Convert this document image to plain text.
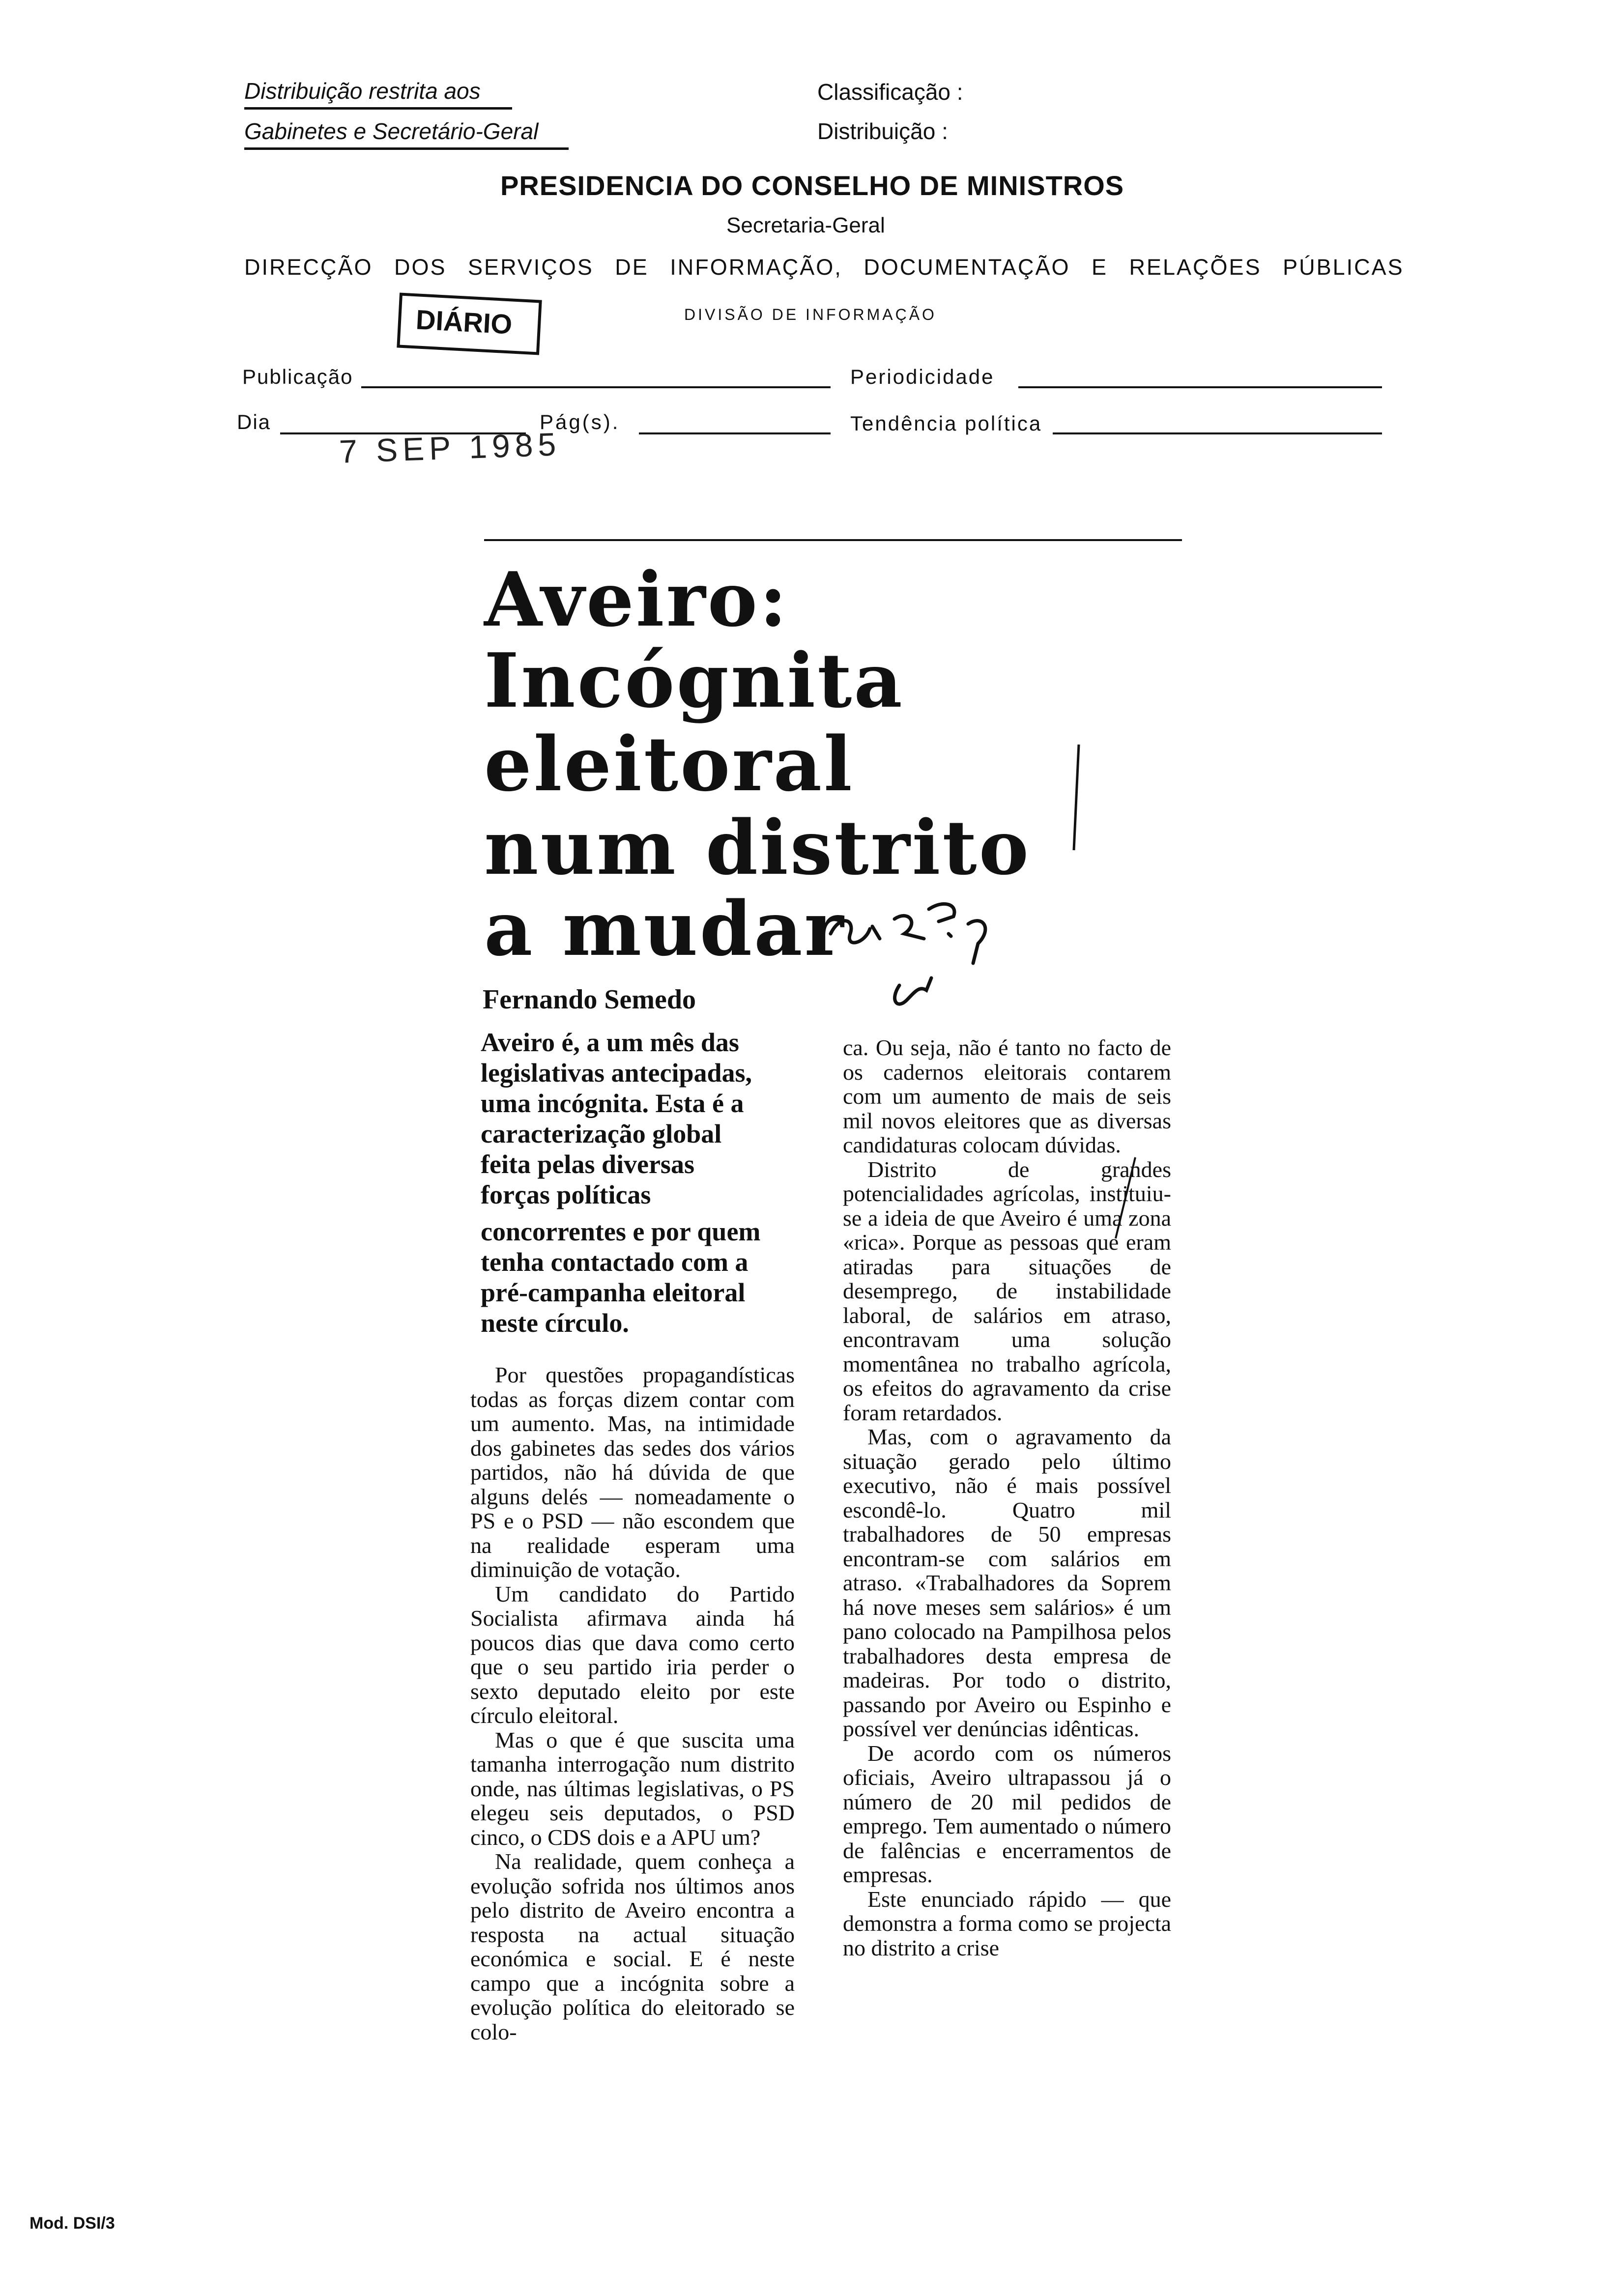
Distribuição restrita aos
Gabinetes e Secretário-Geral
Classificação :
Distribuição :
PRESIDENCIA DO CONSELHO DE MINISTROS
Secretaria-Geral
DIRECÇÃO DOS SERVIÇOS DE INFORMAÇÃO, DOCUMENTAÇÃO E RELAÇÕES PÚBLICAS
DIÁRIO	DIVISÃO DE INFORMAÇÃO
Publicação	Periodicidade
Dia
7 SEP 1985
Pág(s).	Tendência política
Aveiro:
Incógnita
eleitoral
num distrito
a mudar
Fernando Semedo
Aveiro é, a um mês das
legislativas antecipadas,
uma incógnita. Esta é a
caracterização global
feita pelas diversas
forças políticas
concorrentes e por quem
tenha contactado com a
pré-campanha eleitoral
neste círculo.

Por questões propagandísticas todas as forças dizem contar com um aumento. Mas, na intimidade dos gabinetes das sedes dos vários partidos, não há dúvida de que alguns delés — nomeadamente o PS e o PSD — não escondem que na realidade esperam uma diminuição de votação.

Um candidato do Partido Socialista afirmava ainda há poucos dias que dava como certo que o seu partido iria perder o sexto deputado eleito por este círculo eleitoral.

Mas o que é que suscita uma tamanha interrogação num distrito onde, nas últimas legislativas, o PS elegeu seis deputados, o PSD cinco, o CDS dois e a APU um?

Na realidade, quem conheça a evolução sofrida nos últimos anos pelo distrito de Aveiro encontra a resposta na actual situação económica e social. E é neste campo que a incógnita sobre a evolução política do eleitorado se colo-

ca. Ou seja, não é tanto no facto de os cadernos eleitorais contarem com um aumento de mais de seis mil novos eleitores que as diversas candidaturas colocam dúvidas.

Distrito de grandes potencialidades agrícolas, instituiu-se a ideia de que Aveiro é uma zona «rica». Porque as pessoas que eram atiradas para situações de desemprego, de instabilidade laboral, de salários em atraso, encontravam uma solução momentânea no trabalho agrícola, os efeitos do agravamento da crise foram retardados.

Mas, com o agravamento da situação gerado pelo último executivo, não é mais possível escondê-lo. Quatro mil trabalhadores de 50 empresas encontram-se com salários em atraso. «Trabalhadores da Soprem há nove meses sem salários» é um pano colocado na Pampilhosa pelos trabalhadores desta empresa de madeiras. Por todo o distrito, passando por Aveiro ou Espinho e possível ver denúncias idênticas.

De acordo com os números oficiais, Aveiro ultrapassou já o número de 20 mil pedidos de emprego. Tem aumentado o número de falências e encerramentos de empresas.

Este enunciado rápido — que demonstra a forma como se projecta no distrito a crise

Mod. DSI/3
